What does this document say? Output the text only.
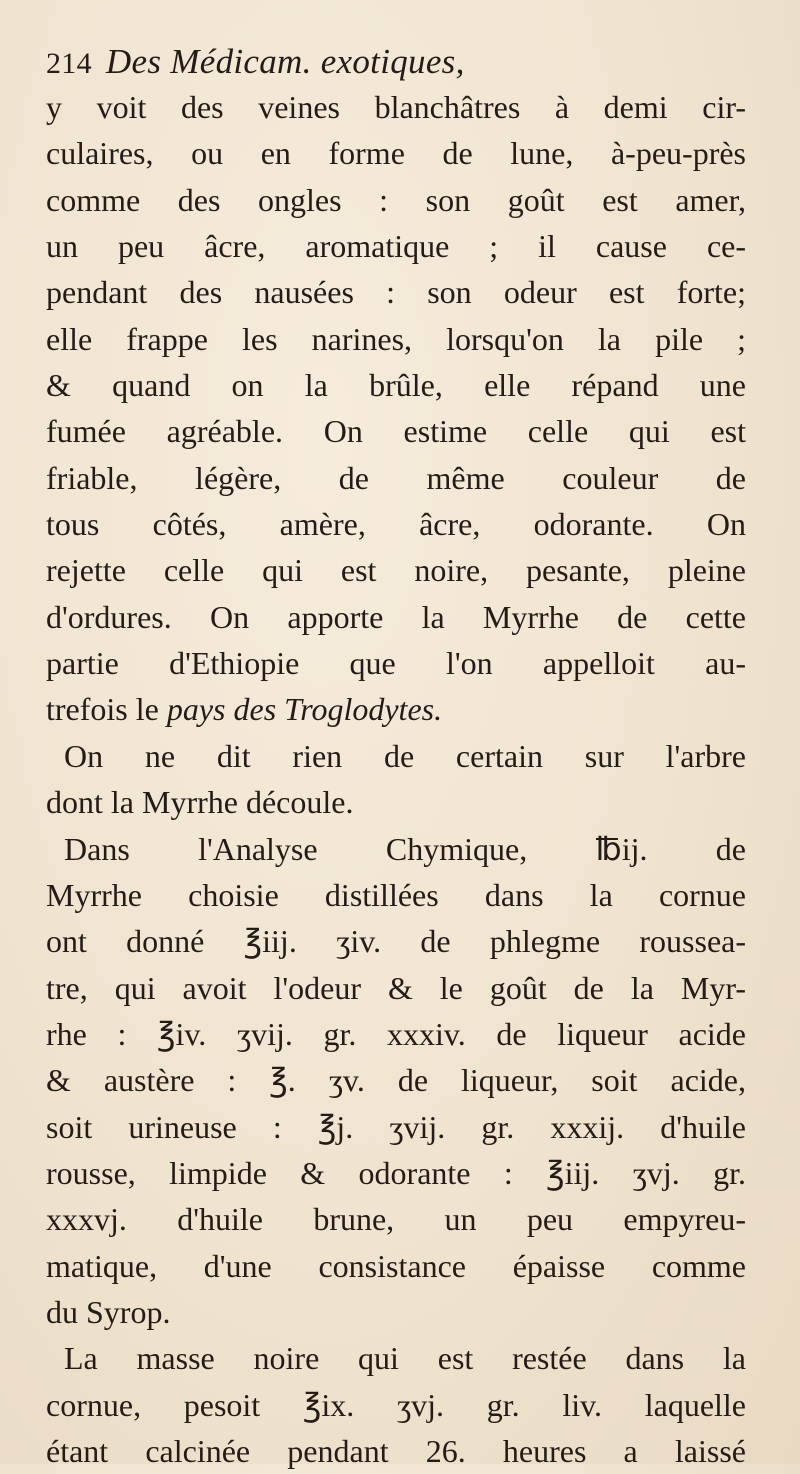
214 Des Médicam. exotiques,
y voit des veines blanchâtres à demi cir-
culaires, ou en forme de lune, à-peu-près
comme des ongles : son goût est amer,
un peu âcre, aromatique ; il cause ce-
pendant des nausées : son odeur est forte;
elle frappe les narines, lorsqu'on la pile ;
& quand on la brûle, elle répand une
fumée agréable. On estime celle qui est
friable, légère, de même couleur de
tous côtés, amère, âcre, odorante. On
rejette celle qui est noire, pesante, pleine
d'ordures. On apporte la Myrrhe de cette
partie d'Ethiopie que l'on appelloit au-
trefois le pays des Troglodytes.
On ne dit rien de certain sur l'arbre
dont la Myrrhe découle.
Dans l'Analyse Chymique, ℔ij. de
Myrrhe choisie distillées dans la cornue
ont donné ℥iij. ʒiv. de phlegme roussea-
tre, qui avoit l'odeur & le goût de la Myr-
rhe : ℥iv. ʒvij. gr. xxxiv. de liqueur acide
& austère : ℥. ʒv. de liqueur, soit acide,
soit urineuse : ℥j. ʒvij. gr. xxxij. d'huile
rousse, limpide & odorante : ℥iij. ʒvj. gr.
xxxvj. d'huile brune, un peu empyreu-
matique, d'une consistance épaisse comme
du Syrop.
La masse noire qui est restée dans la
cornue, pesoit ℥ix. ʒvj. gr. liv. laquelle
étant calcinée pendant 26. heures a laissé
